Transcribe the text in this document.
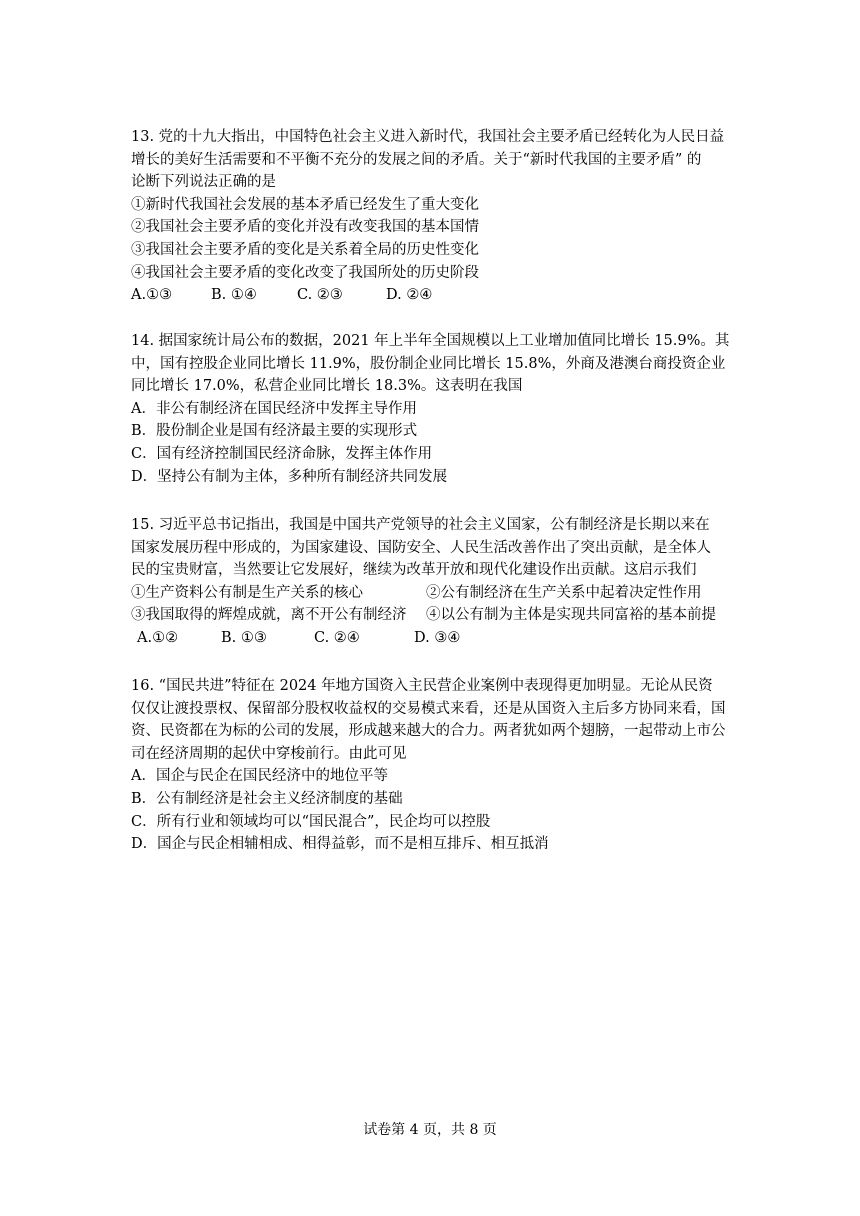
13. 党的十九大指出，中国特色社会主义进入新时代，我国社会主要矛盾已经转化为人民日益
增长的美好生活需要和不平衡不充分的发展之间的矛盾。关于“新时代我国的主要矛盾” 的
论断下列说法正确的是
①新时代我国社会发展的基本矛盾已经发生了重大变化
②我国社会主要矛盾的变化并没有改变我国的基本国情
③我国社会主要矛盾的变化是关系着全局的历史性变化
④我国社会主要矛盾的变化改变了我国所处的历史阶段
A.①③	B. ①④	C. ②③	D. ②④
14. 据国家统计局公布的数据，2021 年上半年全国规模以上工业增加值同比增长 15.9%。其
中，国有控股企业同比增长 11.9%，股份制企业同比增长 15.8%，外商及港澳台商投资企业
同比增长 17.0%，私营企业同比增长 18.3%。这表明在我国
A．非公有制经济在国民经济中发挥主导作用
B．股份制企业是国有经济最主要的实现形式
C．国有经济控制国民经济命脉，发挥主体作用
D．坚持公有制为主体，多种所有制经济共同发展
15. 习近平总书记指出，我国是中国共产党领导的社会主义国家，公有制经济是长期以来在
国家发展历程中形成的，为国家建设、国防安全、人民生活改善作出了突出贡献，是全体人
民的宝贵财富，当然要让它发展好，继续为改革开放和现代化建设作出贡献。这启示我们
①生产资料公有制是生产关系的核心	②公有制经济在生产关系中起着决定性作用
③我国取得的辉煌成就，离不开公有制经济 ④以公有制为主体是实现共同富裕的基本前提
A.①②	B. ①③	C. ②④	D. ③④
16. “国民共进”特征在 2024 年地方国资入主民营企业案例中表现得更加明显。无论从民资
仅仅让渡投票权、保留部分股权收益权的交易模式来看，还是从国资入主后多方协同来看，国
资、民资都在为标的公司的发展，形成越来越大的合力。两者犹如两个翅膀，一起带动上市公
司在经济周期的起伏中穿梭前行。由此可见
A．国企与民企在国民经济中的地位平等
B．公有制经济是社会主义经济制度的基础
C．所有行业和领域均可以“国民混合”，民企均可以控股
D．国企与民企相辅相成、相得益彰，而不是相互排斥、相互抵消
试卷第 4 页，共 8 页
